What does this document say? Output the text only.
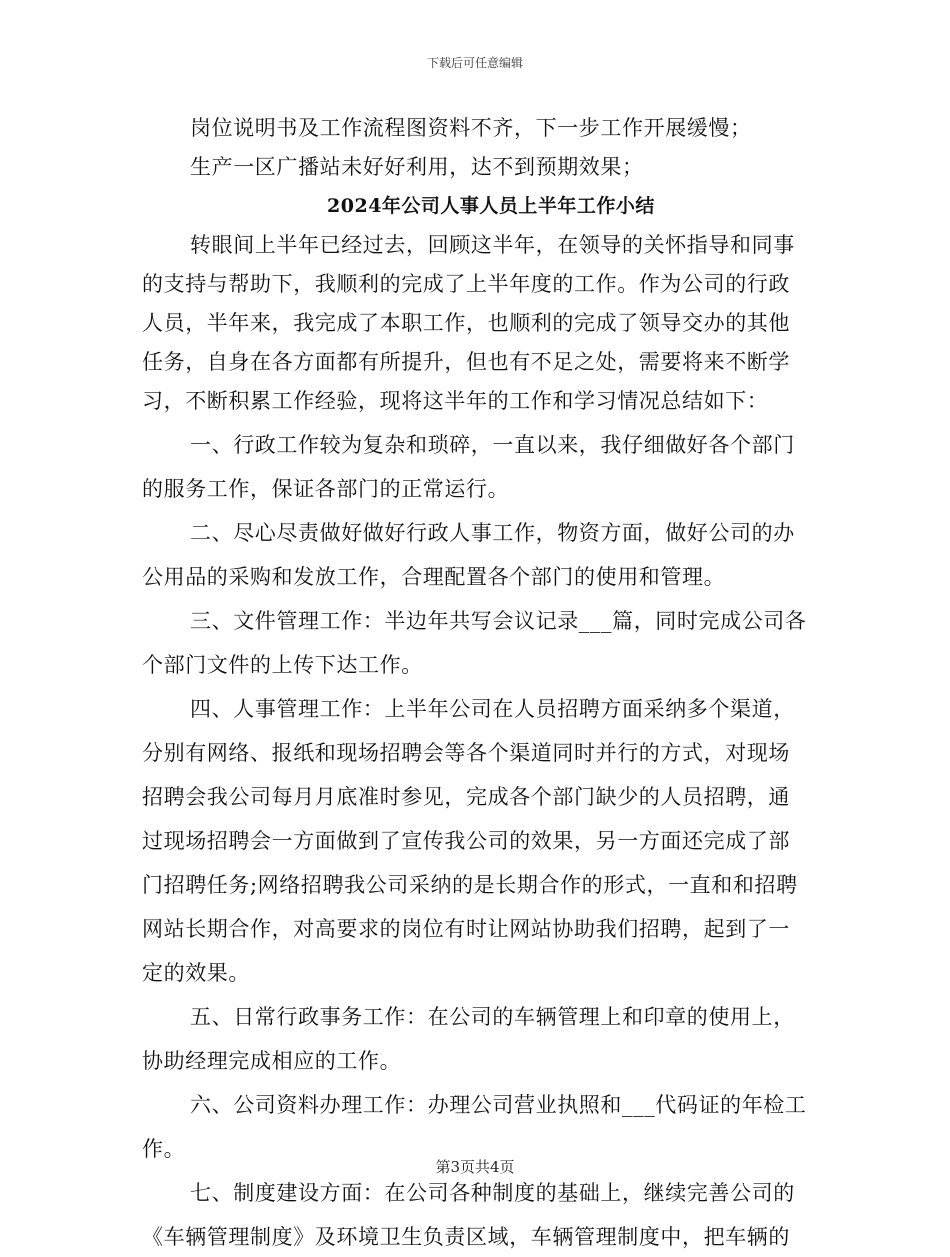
下载后可任意编辑
岗位说明书及工作流程图资料不齐，下一步工作开展缓慢；
生产一区广播站未好好利用，达不到预期效果；
2024年公司人事人员上半年工作小结
转眼间上半年已经过去，回顾这半年，在领导的关怀指导和同事
的支持与帮助下，我顺利的完成了上半年度的工作。作为公司的行政
人员，半年来，我完成了本职工作，也顺利的完成了领导交办的其他
任务，自身在各方面都有所提升，但也有不足之处，需要将来不断学
习，不断积累工作经验，现将这半年的工作和学习情况总结如下：
一、行政工作较为复杂和琐碎，一直以来，我仔细做好各个部门
的服务工作，保证各部门的正常运行。
二、尽心尽责做好做好行政人事工作，物资方面，做好公司的办
公用品的采购和发放工作，合理配置各个部门的使用和管理。
三、文件管理工作：半边年共写会议记录___篇，同时完成公司各
个部门文件的上传下达工作。
四、人事管理工作：上半年公司在人员招聘方面采纳多个渠道，
分别有网络、报纸和现场招聘会等各个渠道同时并行的方式，对现场
招聘会我公司每月月底准时参见，完成各个部门缺少的人员招聘，通
过现场招聘会一方面做到了宣传我公司的效果，另一方面还完成了部
门招聘任务;网络招聘我公司采纳的是长期合作的形式，一直和和招聘
网站长期合作，对高要求的岗位有时让网站协助我们招聘，起到了一
定的效果。
五、日常行政事务工作：在公司的车辆管理上和印章的使用上，
协助经理完成相应的工作。
六、公司资料办理工作：办理公司营业执照和___代码证的年检工
作。
七、制度建设方面：在公司各种制度的基础上，继续完善公司的
《车辆管理制度》及环境卫生负责区域，车辆管理制度中，把车辆的
第3页共4页
